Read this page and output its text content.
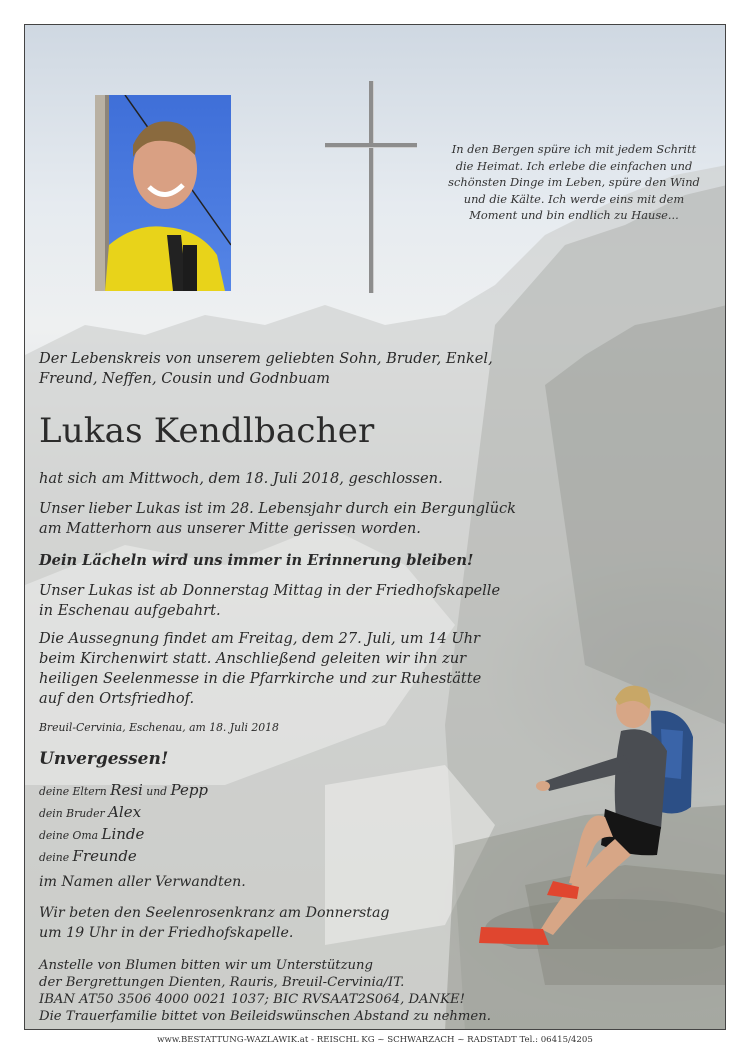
In den Bergen spüre ich mit jedem Schritt
die Heimat. Ich erlebe die einfachen und
schönsten Dinge im Leben, spüre den Wind
und die Kälte. Ich werde eins mit dem
Moment und bin endlich zu Hause...
Der Lebenskreis von unserem geliebten Sohn, Bruder, Enkel,
Freund, Neffen, Cousin und Godnbuam
Lukas Kendlbacher
hat sich am Mittwoch, dem 18. Juli 2018, geschlossen.
Unser lieber Lukas ist im 28. Lebensjahr durch ein Bergunglück
am Matterhorn aus unserer Mitte gerissen worden.
Dein Lächeln wird uns immer in Erinnerung bleiben!
Unser Lukas ist ab Donnerstag Mittag in der Friedhofskapelle
in Eschenau aufgebahrt.
Die Aussegnung findet am Freitag, dem 27. Juli, um 14 Uhr
beim Kirchenwirt statt. Anschließend geleiten wir ihn zur
heiligen Seelenmesse in die Pfarrkirche und zur Ruhestätte
auf den Ortsfriedhof.
Breuil-Cervinia, Eschenau, am 18. Juli 2018
Unvergessen!
deine Eltern Resi und Pepp
dein Bruder Alex
deine Oma Linde
deine Freunde
im Namen aller Verwandten.
Wir beten den Seelenrosenkranz am Donnerstag
um 19 Uhr in der Friedhofskapelle.
Anstelle von Blumen bitten wir um Unterstützung
der Bergrettungen Dienten, Rauris, Breuil-Cervinia/IT.
IBAN AT50 3506 4000 0021 1037; BIC RVSAAT2S064, DANKE!
Die Trauerfamilie bittet von Beileidswünschen Abstand zu nehmen.
www.BESTATTUNG-WAZLAWIK.at - REISCHL KG ~ SCHWARZACH ~ RADSTADT Tel.: 06415/4205
